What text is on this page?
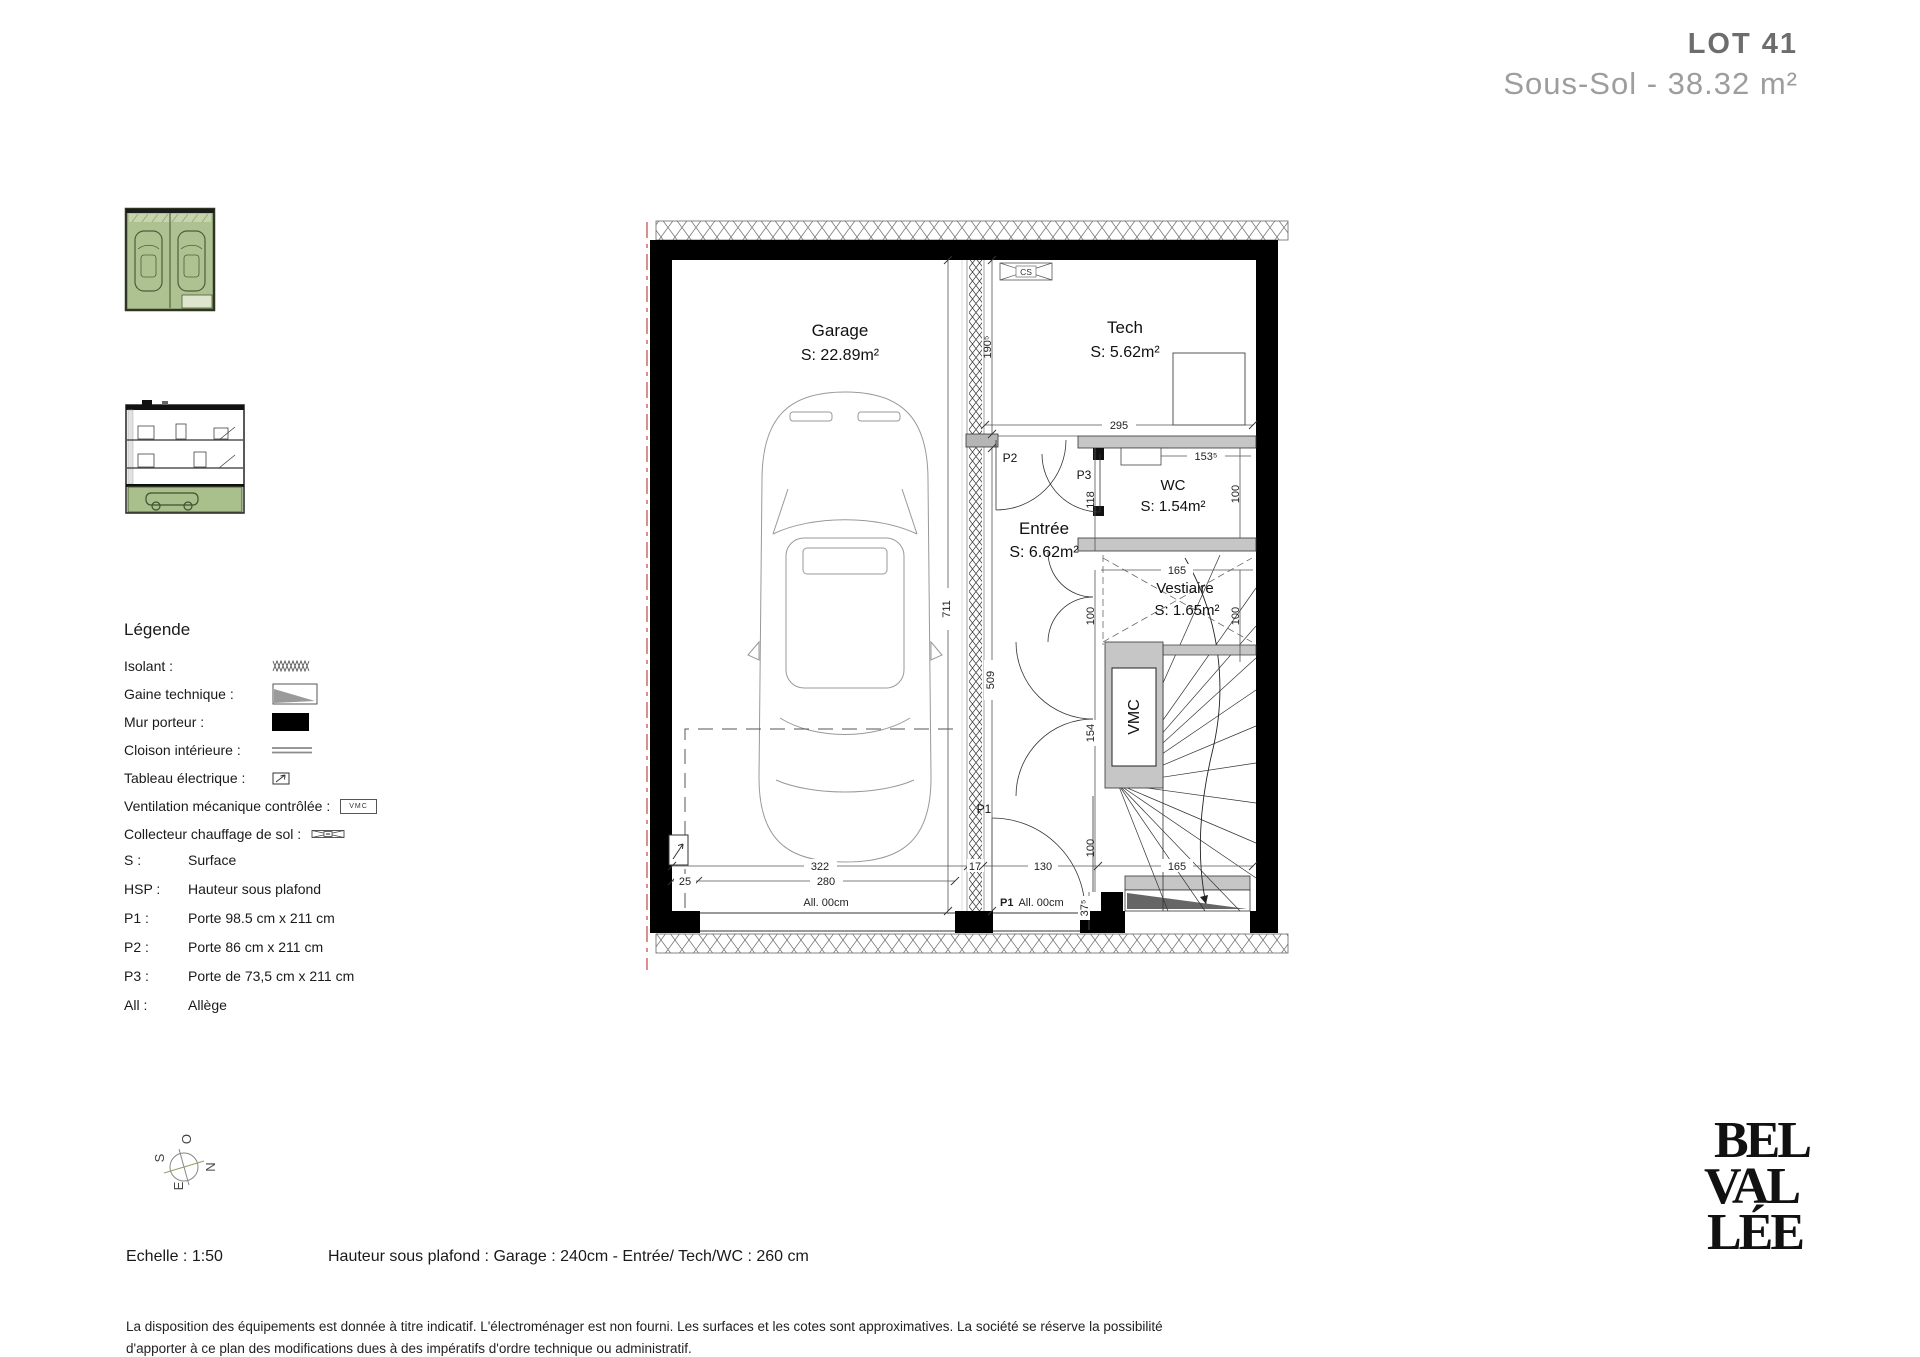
LOT 41
Sous-Sol - 38.32 m²
Légende
Isolant :
Gaine technique :
Mur porteur :
Cloison intérieure :
Tableau électrique :
Ventilation mécanique contrôlée :	VMC
Collecteur chauffage de sol :
S :	Surface
HSP :	Hauteur sous plafond
P1 :	Porte 98.5 cm x 211 cm
P2 :	Porte 86 cm x 211 cm
P3 :	Porte de 73,5 cm x 211 cm
All :	Allège
CS
VMC
Garage
S: 22.89m²
Tech
S: 5.62m²
WC
S: 1.54m²
Entrée
S: 6.62m²
Vestiaire
S: 1.65m²
P2
P3
P1
All. 00cm	P1 All. 00cm
190⁵
711
509
118	100
100
100
154
100
37⁵
295
153⁵
165
322	17	130	165
25	280
Echelle : 1:50	Hauteur sous plafond : Garage : 240cm - Entrée/ Tech/WC : 260 cm
La disposition des équipements est donnée à titre indicatif. L'électroménager est non fourni. Les surfaces et les cotes sont approximatives. La société se réserve la possibilité
d'apporter à ce plan des modifications dues à des impératifs d'ordre technique ou administratif.
O
S
N
E
BEL
VAL
LÉE
